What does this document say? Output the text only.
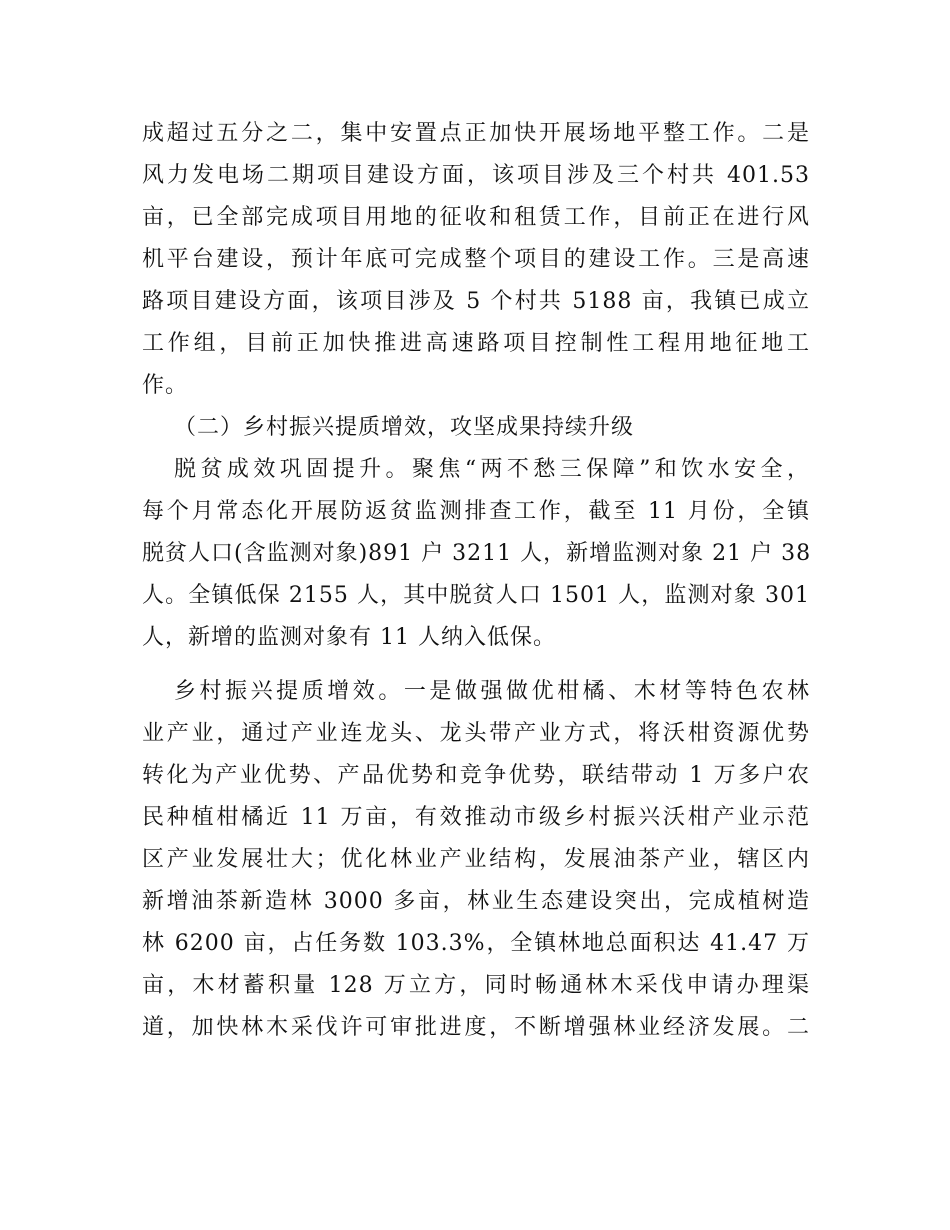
成超过五分之二，集中安置点正加快开展场地平整工作。二是
风力发电场二期项目建设方面，该项目涉及三个村共 401.53
亩，已全部完成项目用地的征收和租赁工作，目前正在进行风
机平台建设，预计年底可完成整个项目的建设工作。三是高速
路项目建设方面，该项目涉及 5 个村共 5188 亩，我镇已成立
工作组，目前正加快推进高速路项目控制性工程用地征地工
作。
（二）乡村振兴提质增效，攻坚成果持续升级
脱贫成效巩固提升。聚焦“两不愁三保障”和饮水安全，
每个月常态化开展防返贫监测排查工作，截至 11 月份，全镇
脱贫人口(含监测对象)891 户 3211 人，新增监测对象 21 户 38
人。全镇低保 2155 人，其中脱贫人口 1501 人，监测对象 301
人，新增的监测对象有 11 人纳入低保。
乡村振兴提质增效。一是做强做优柑橘、木材等特色农林
业产业，通过产业连龙头、龙头带产业方式，将沃柑资源优势
转化为产业优势、产品优势和竞争优势，联结带动 1 万多户农
民种植柑橘近 11 万亩，有效推动市级乡村振兴沃柑产业示范
区产业发展壮大；优化林业产业结构，发展油茶产业，辖区内
新增油茶新造林 3000 多亩，林业生态建设突出，完成植树造
林 6200 亩，占任务数 103.3%，全镇林地总面积达 41.47 万
亩，木材蓄积量 128 万立方，同时畅通林木采伐申请办理渠
道，加快林木采伐许可审批进度，不断增强林业经济发展。二
